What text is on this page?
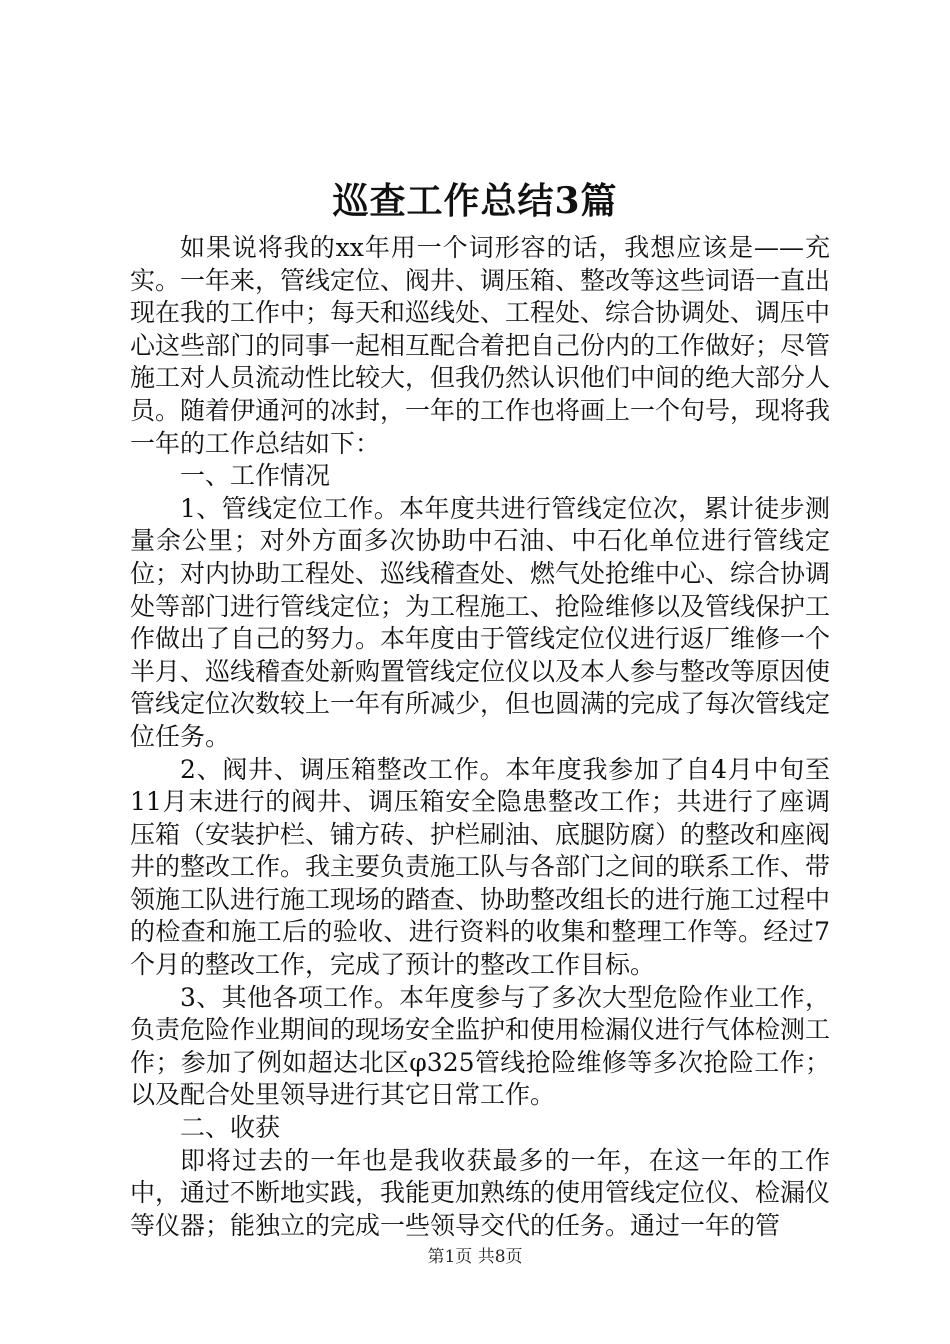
巡查工作总结3篇

如果说将我的xx年用一个词形容的话，我想应该是——充实。一年来，管线定位、阀井、调压箱、整改等这些词语一直出现在我的工作中；每天和巡线处、工程处、综合协调处、调压中心这些部门的同事一起相互配合着把自己份内的工作做好；尽管施工对人员流动性比较大，但我仍然认识他们中间的绝大部分人员。随着伊通河的冰封，一年的工作也将画上一个句号，现将我一年的工作总结如下：

一、工作情况

1、管线定位工作。本年度共进行管线定位次，累计徒步测量余公里；对外方面多次协助中石油、中石化单位进行管线定位；对内协助工程处、巡线稽查处、燃气处抢维中心、综合协调处等部门进行管线定位；为工程施工、抢险维修以及管线保护工作做出了自己的努力。本年度由于管线定位仪进行返厂维修一个半月、巡线稽查处新购置管线定位仪以及本人参与整改等原因使管线定位次数较上一年有所减少，但也圆满的完成了每次管线定位任务。

2、阀井、调压箱整改工作。本年度我参加了自4月中旬至11月末进行的阀井、调压箱安全隐患整改工作；共进行了座调压箱（安装护栏、铺方砖、护栏刷油、底腿防腐）的整改和座阀井的整改工作。我主要负责施工队与各部门之间的联系工作、带领施工队进行施工现场的踏查、协助整改组长的进行施工过程中的检查和施工后的验收、进行资料的收集和整理工作等。经过7个月的整改工作，完成了预计的整改工作目标。

3、其他各项工作。本年度参与了多次大型危险作业工作，负责危险作业期间的现场安全监护和使用检漏仪进行气体检测工作；参加了例如超达北区φ325管线抢险维修等多次抢险工作；以及配合处里领导进行其它日常工作。

二、收获

即将过去的一年也是我收获最多的一年，在这一年的工作中，通过不断地实践，我能更加熟练的使用管线定位仪、检漏仪等仪器；能独立的完成一些领导交代的任务。通过一年的管

第1页 共8页
